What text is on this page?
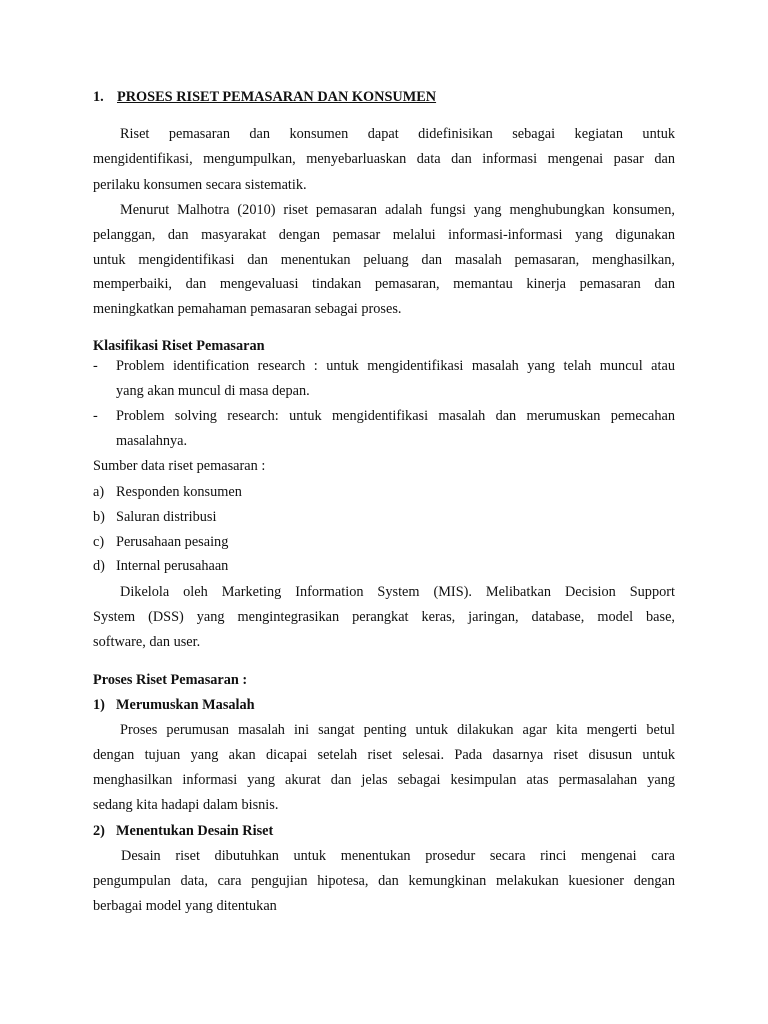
1. PROSES RISET PEMASARAN DAN KONSUMEN
Riset pemasaran dan konsumen dapat didefinisikan sebagai kegiatan untuk
mengidentifikasi, mengumpulkan, menyebarluaskan data dan informasi mengenai pasar dan
perilaku konsumen secara sistematik.
Menurut Malhotra (2010) riset pemasaran adalah fungsi yang menghubungkan konsumen,
pelanggan, dan masyarakat dengan pemasar melalui informasi-informasi yang digunakan
untuk mengidentifikasi dan menentukan peluang dan masalah pemasaran, menghasilkan,
memperbaiki, dan mengevaluasi tindakan pemasaran, memantau kinerja pemasaran dan
meningkatkan pemahaman pemasaran sebagai proses.
Klasifikasi Riset Pemasaran
- Problem identification research : untuk mengidentifikasi masalah yang telah muncul atau
yang akan muncul di masa depan.
- Problem solving research: untuk mengidentifikasi masalah dan merumuskan pemecahan
masalahnya.
Sumber data riset pemasaran :
a) Responden konsumen
b) Saluran distribusi
c) Perusahaan pesaing
d) Internal perusahaan
Dikelola oleh Marketing Information System (MIS). Melibatkan Decision Support
System (DSS) yang mengintegrasikan perangkat keras, jaringan, database, model base,
software, dan user.
Proses Riset Pemasaran :
1) Merumuskan Masalah
Proses perumusan masalah ini sangat penting untuk dilakukan agar kita mengerti betul
dengan tujuan yang akan dicapai setelah riset selesai. Pada dasarnya riset disusun untuk
menghasilkan informasi yang akurat dan jelas sebagai kesimpulan atas permasalahan yang
sedang kita hadapi dalam bisnis.
2) Menentukan Desain Riset
Desain riset dibutuhkan untuk menentukan prosedur secara rinci mengenai cara
pengumpulan data, cara pengujian hipotesa, dan kemungkinan melakukan kuesioner dengan
berbagai model yang ditentukan
